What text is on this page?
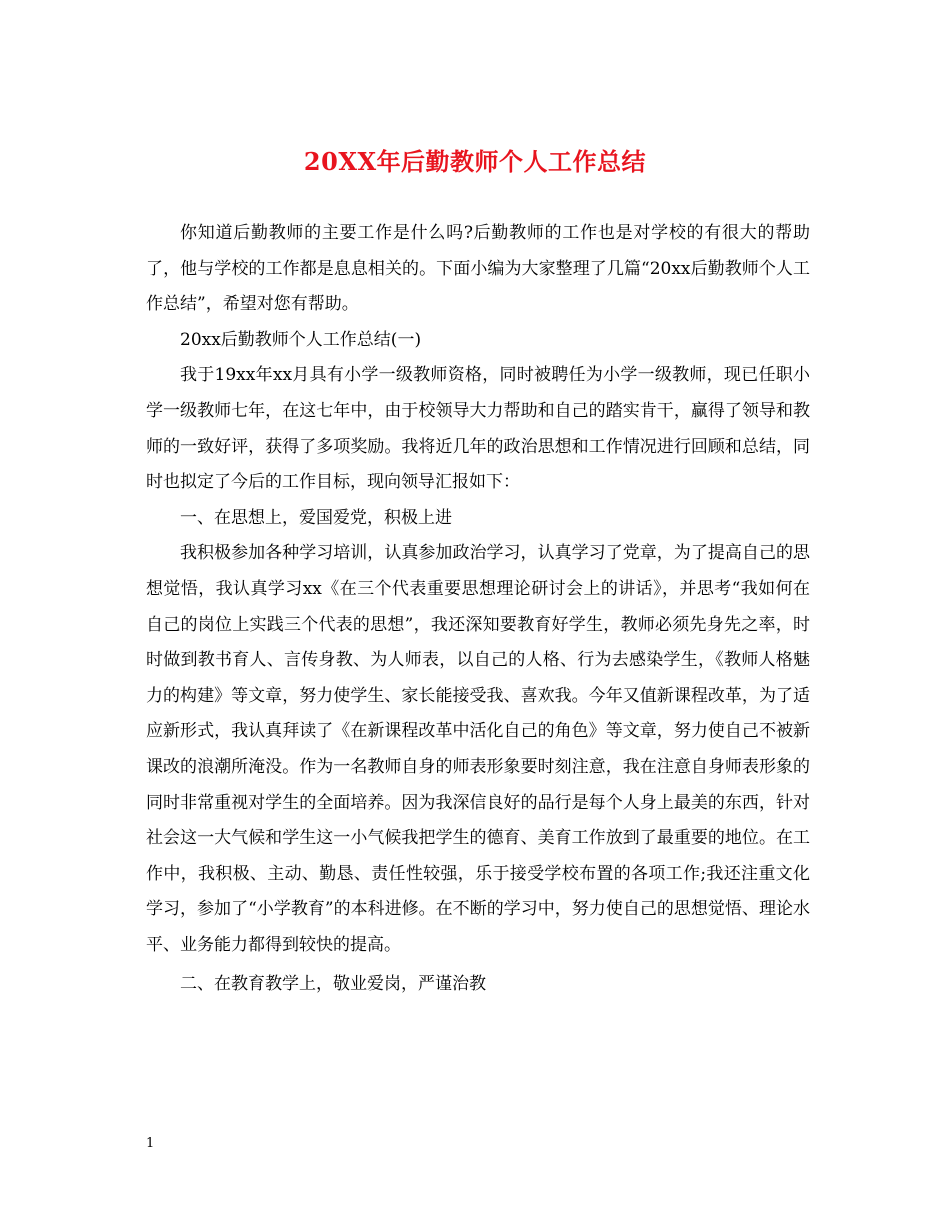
20XX年后勤教师个人工作总结

你知道后勤教师的主要工作是什么吗?后勤教师的工作也是对学校的有很大的帮助了，他与学校的工作都是息息相关的。下面小编为大家整理了几篇“20xx后勤教师个人工作总结”，希望对您有帮助。

20xx后勤教师个人工作总结(一)

我于19xx年xx月具有小学一级教师资格，同时被聘任为小学一级教师，现已任职小学一级教师七年，在这七年中，由于校领导大力帮助和自己的踏实肯干，赢得了领导和教师的一致好评，获得了多项奖励。我将近几年的政治思想和工作情况进行回顾和总结，同时也拟定了今后的工作目标，现向领导汇报如下：

一、在思想上，爱国爱党，积极上进

我积极参加各种学习培训，认真参加政治学习，认真学习了党章，为了提高自己的思想觉悟，我认真学习xx《在三个代表重要思想理论研讨会上的讲话》，并思考“我如何在自己的岗位上实践三个代表的思想”，我还深知要教育好学生，教师必须先身先之率，时时做到教书育人、言传身教、为人师表，以自己的人格、行为去感染学生，《教师人格魅力的构建》等文章，努力使学生、家长能接受我、喜欢我。今年又值新课程改革，为了适应新形式，我认真拜读了《在新课程改革中活化自己的角色》等文章，努力使自己不被新课改的浪潮所淹没。作为一名教师自身的师表形象要时刻注意，我在注意自身师表形象的同时非常重视对学生的全面培养。因为我深信良好的品行是每个人身上最美的东西，针对社会这一大气候和学生这一小气候我把学生的德育、美育工作放到了最重要的地位。在工作中，我积极、主动、勤恳、责任性较强，乐于接受学校布置的各项工作;我还注重文化学习，参加了“小学教育”的本科进修。在不断的学习中，努力使自己的思想觉悟、理论水平、业务能力都得到较快的提高。

二、在教育教学上，敬业爱岗，严谨治教

1
